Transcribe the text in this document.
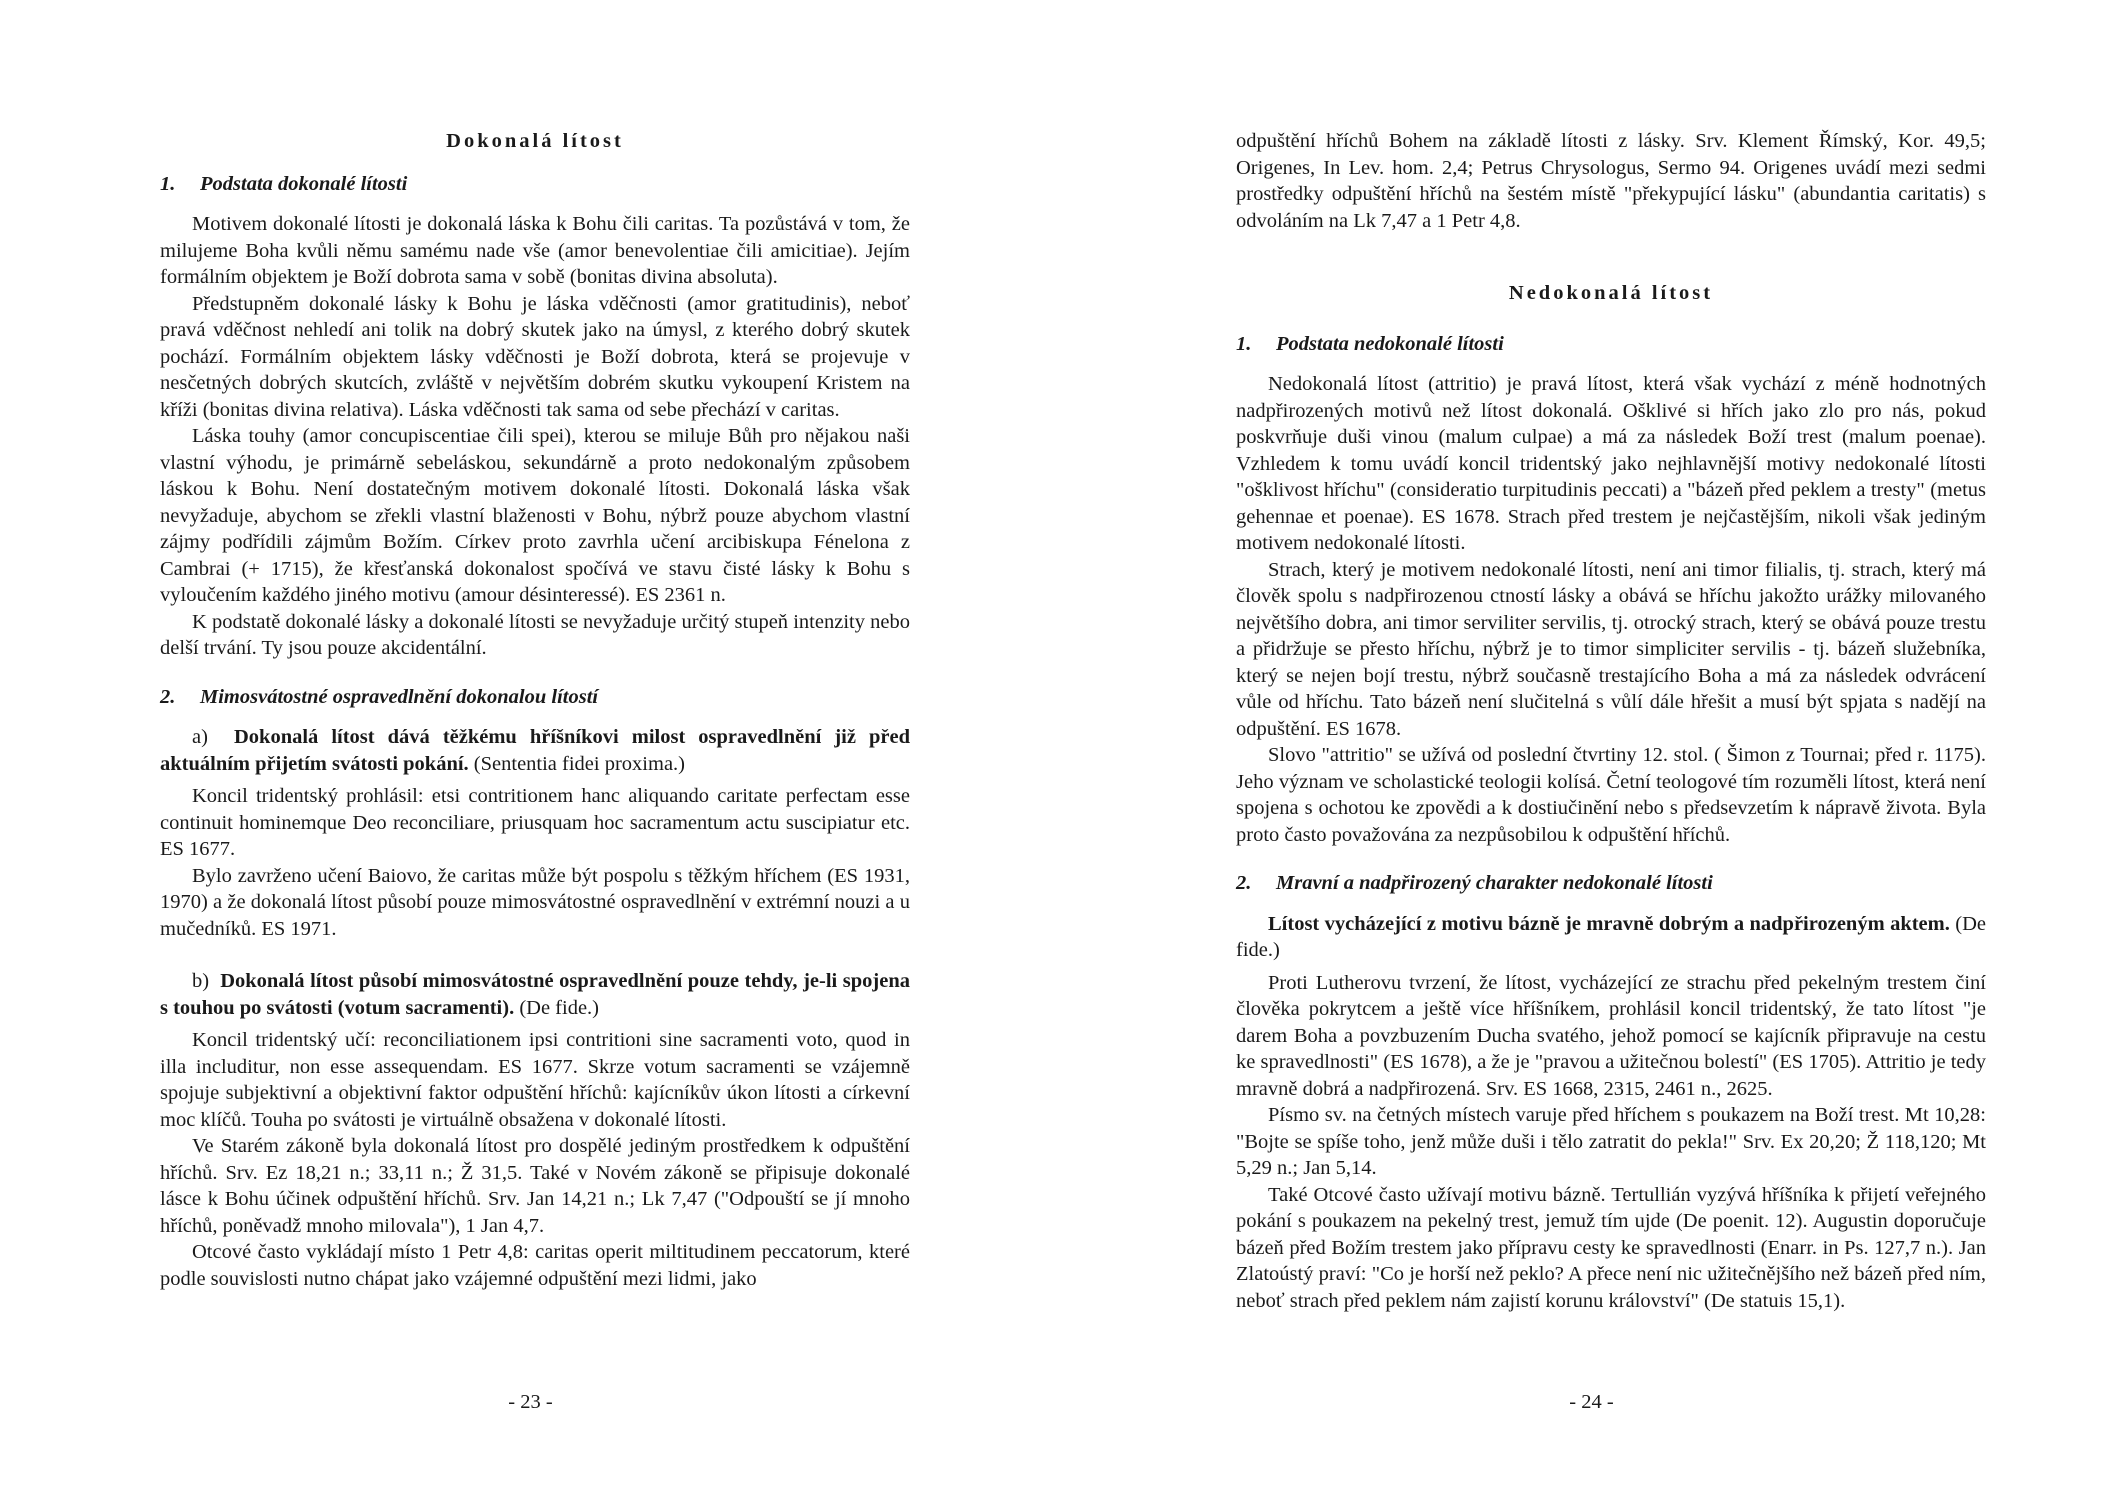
Dokonalá lítost
1. Podstata dokonalé lítosti

Motivem dokonalé lítosti je dokonalá láska k Bohu čili caritas. Ta pozůstává v tom, že milujeme Boha kvůli němu samému nade vše (amor benevolentiae čili amicitiae). Jejím formálním objektem je Boží dobrota sama v sobě (bonitas divina absoluta).

Předstupněm dokonalé lásky k Bohu je láska vděčnosti (amor gratitudinis), neboť pravá vděčnost nehledí ani tolik na dobrý skutek jako na úmysl, z kterého dobrý skutek pochází. Formálním objektem lásky vděčnosti je Boží dobrota, která se projevuje v nesčetných dobrých skutcích, zvláště v největším dobrém skutku vykoupení Kristem na kříži (bonitas divina relativa). Láska vděčnosti tak sama od sebe přechází v caritas.

Láska touhy (amor concupiscentiae čili spei), kterou se miluje Bůh pro nějakou naši vlastní výhodu, je primárně sebeláskou, sekundárně a proto nedokonalým způsobem láskou k Bohu. Není dostatečným motivem dokonalé lítosti. Dokonalá láska však nevyžaduje, abychom se zřekli vlastní blaženosti v Bohu, nýbrž pouze abychom vlastní zájmy podřídili zájmům Božím. Církev proto zavrhla učení arcibiskupa Fénelona z Cambrai (+ 1715), že křesťanská dokonalost spočívá ve stavu čisté lásky k Bohu s vyloučením každého jiného motivu (amour désinteressé). ES 2361 n.

K podstatě dokonalé lásky a dokonalé lítosti se nevyžaduje určitý stupeň intenzity nebo delší trvání. Ty jsou pouze akcidentální.

2. Mimosvátostné ospravedlnění dokonalou lítostí

a) Dokonalá lítost dává těžkému hříšníkovi milost ospravedlnění již před aktuálním přijetím svátosti pokání. (Sententia fidei proxima.)

Koncil tridentský prohlásil: etsi contritionem hanc aliquando caritate perfectam esse continuit hominemque Deo reconciliare, priusquam hoc sacramentum actu suscipiatur etc. ES 1677.

Bylo zavrženo učení Baiovo, že caritas může být pospolu s těžkým hříchem (ES 1931, 1970) a že dokonalá lítost působí pouze mimosvátostné ospravedlnění v extrémní nouzi a u mučedníků. ES 1971.

b) Dokonalá lítost působí mimosvátostné ospravedlnění pouze tehdy, je-li spojena s touhou po svátosti (votum sacramenti). (De fide.)

Koncil tridentský učí: reconciliationem ipsi contritioni sine sacramenti voto, quod in illa includitur, non esse assequendam. ES 1677. Skrze votum sacramenti se vzájemně spojuje subjektivní a objektivní faktor odpuštění hříchů: kajícníkův úkon lítosti a církevní moc klíčů. Touha po svátosti je virtuálně obsažena v dokonalé lítosti.

Ve Starém zákoně byla dokonalá lítost pro dospělé jediným prostředkem k odpuštění hříchů. Srv. Ez 18,21 n.; 33,11 n.; Ž 31,5. Také v Novém zákoně se připisuje dokonalé lásce k Bohu účinek odpuštění hříchů. Srv. Jan 14,21 n.; Lk 7,47 ("Odpouští se jí mnoho hříchů, poněvadž mnoho milovala"), 1 Jan 4,7.

Otcové často vykládají místo 1 Petr 4,8: caritas operit miltitudinem peccatorum, které podle souvislosti nutno chápat jako vzájemné odpuštění mezi lidmi, jako

- 23 -

odpuštění hříchů Bohem na základě lítosti z lásky. Srv. Klement Římský, Kor. 49,5; Origenes, In Lev. hom. 2,4; Petrus Chrysologus, Sermo 94. Origenes uvádí mezi sedmi prostředky odpuštění hříchů na šestém místě "překypující lásku" (abundantia caritatis) s odvoláním na Lk 7,47 a 1 Petr 4,8.

Nedokonalá lítost
1. Podstata nedokonalé lítosti

Nedokonalá lítost (attritio) je pravá lítost, která však vychází z méně hodnotných nadpřirozených motivů než lítost dokonalá. Ošklivé si hřích jako zlo pro nás, pokud poskvrňuje duši vinou (malum culpae) a má za následek Boží trest (malum poenae). Vzhledem k tomu uvádí koncil tridentský jako nejhlavnější motivy nedokonalé lítosti "ošklivost hříchu" (consideratio turpitudinis peccati) a "bázeň před peklem a tresty" (metus gehennae et poenae). ES 1678. Strach před trestem je nejčastějším, nikoli však jediným motivem nedokonalé lítosti.

Strach, který je motivem nedokonalé lítosti, není ani timor filialis, tj. strach, který má člověk spolu s nadpřirozenou ctností lásky a obává se hříchu jakožto urážky milovaného největšího dobra, ani timor serviliter servilis, tj. otrocký strach, který se obává pouze trestu a přidržuje se přesto hříchu, nýbrž je to timor simpliciter servilis - tj. bázeň služebníka, který se nejen bojí trestu, nýbrž současně trestajícího Boha a má za následek odvrácení vůle od hříchu. Tato bázeň není slučitelná s vůlí dále hřešit a musí být spjata s nadějí na odpuštění. ES 1678.

Slovo "attritio" se užívá od poslední čtvrtiny 12. stol. ( Šimon z Tournai; před r. 1175). Jeho význam ve scholastické teologii kolísá. Četní teologové tím rozuměli lítost, která není spojena s ochotou ke zpovědi a k dostiučinění nebo s předsevzetím k nápravě života. Byla proto často považována za nezpůsobilou k odpuštění hříchů.

2. Mravní a nadpřirozený charakter nedokonalé lítosti

Lítost vycházející z motivu bázně je mravně dobrým a nadpřirozeným aktem. (De fide.)

Proti Lutherovu tvrzení, že lítost, vycházející ze strachu před pekelným trestem činí člověka pokrytcem a ještě více hříšníkem, prohlásil koncil tridentský, že tato lítost "je darem Boha a povzbuzením Ducha svatého, jehož pomocí se kajícník připravuje na cestu ke spravedlnosti" (ES 1678), a že je "pravou a užitečnou bolestí" (ES 1705). Attritio je tedy mravně dobrá a nadpřirozená. Srv. ES 1668, 2315, 2461 n., 2625.

Písmo sv. na četných místech varuje před hříchem s poukazem na Boží trest. Mt 10,28: "Bojte se spíše toho, jenž může duši i tělo zatratit do pekla!" Srv. Ex 20,20; Ž 118,120; Mt 5,29 n.; Jan 5,14.

Také Otcové často užívají motivu bázně. Tertullián vyzývá hříšníka k přijetí veřejného pokání s poukazem na pekelný trest, jemuž tím ujde (De poenit. 12). Augustin doporučuje bázeň před Božím trestem jako přípravu cesty ke spravedlnosti (Enarr. in Ps. 127,7 n.). Jan Zlatoústý praví: "Co je horší než peklo? A přece není nic užitečnějšího než bázeň před ním, neboť strach před peklem nám zajistí korunu království" (De statuis 15,1).

- 24 -
